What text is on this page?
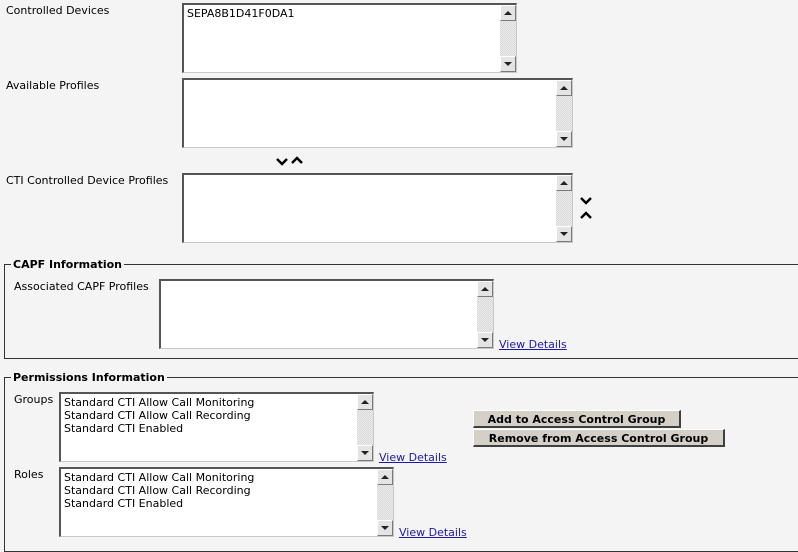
Controlled Devices	SEPA8B1D41F0DA1
Available Profiles
CTI Controlled Device Profiles
CAPF Information
Associated CAPF Profiles
View Details
Permissions Information
Groups Standard CTI Allow Call Monitoring
Standard CTI Allow Call Recording
Standard CTI Enabled
View Details
Add to Access Control Group
Remove from Access Control Group
Roles Standard CTI Allow Call Monitoring
Standard CTI Allow Call Recording
Standard CTI Enabled
View Details
